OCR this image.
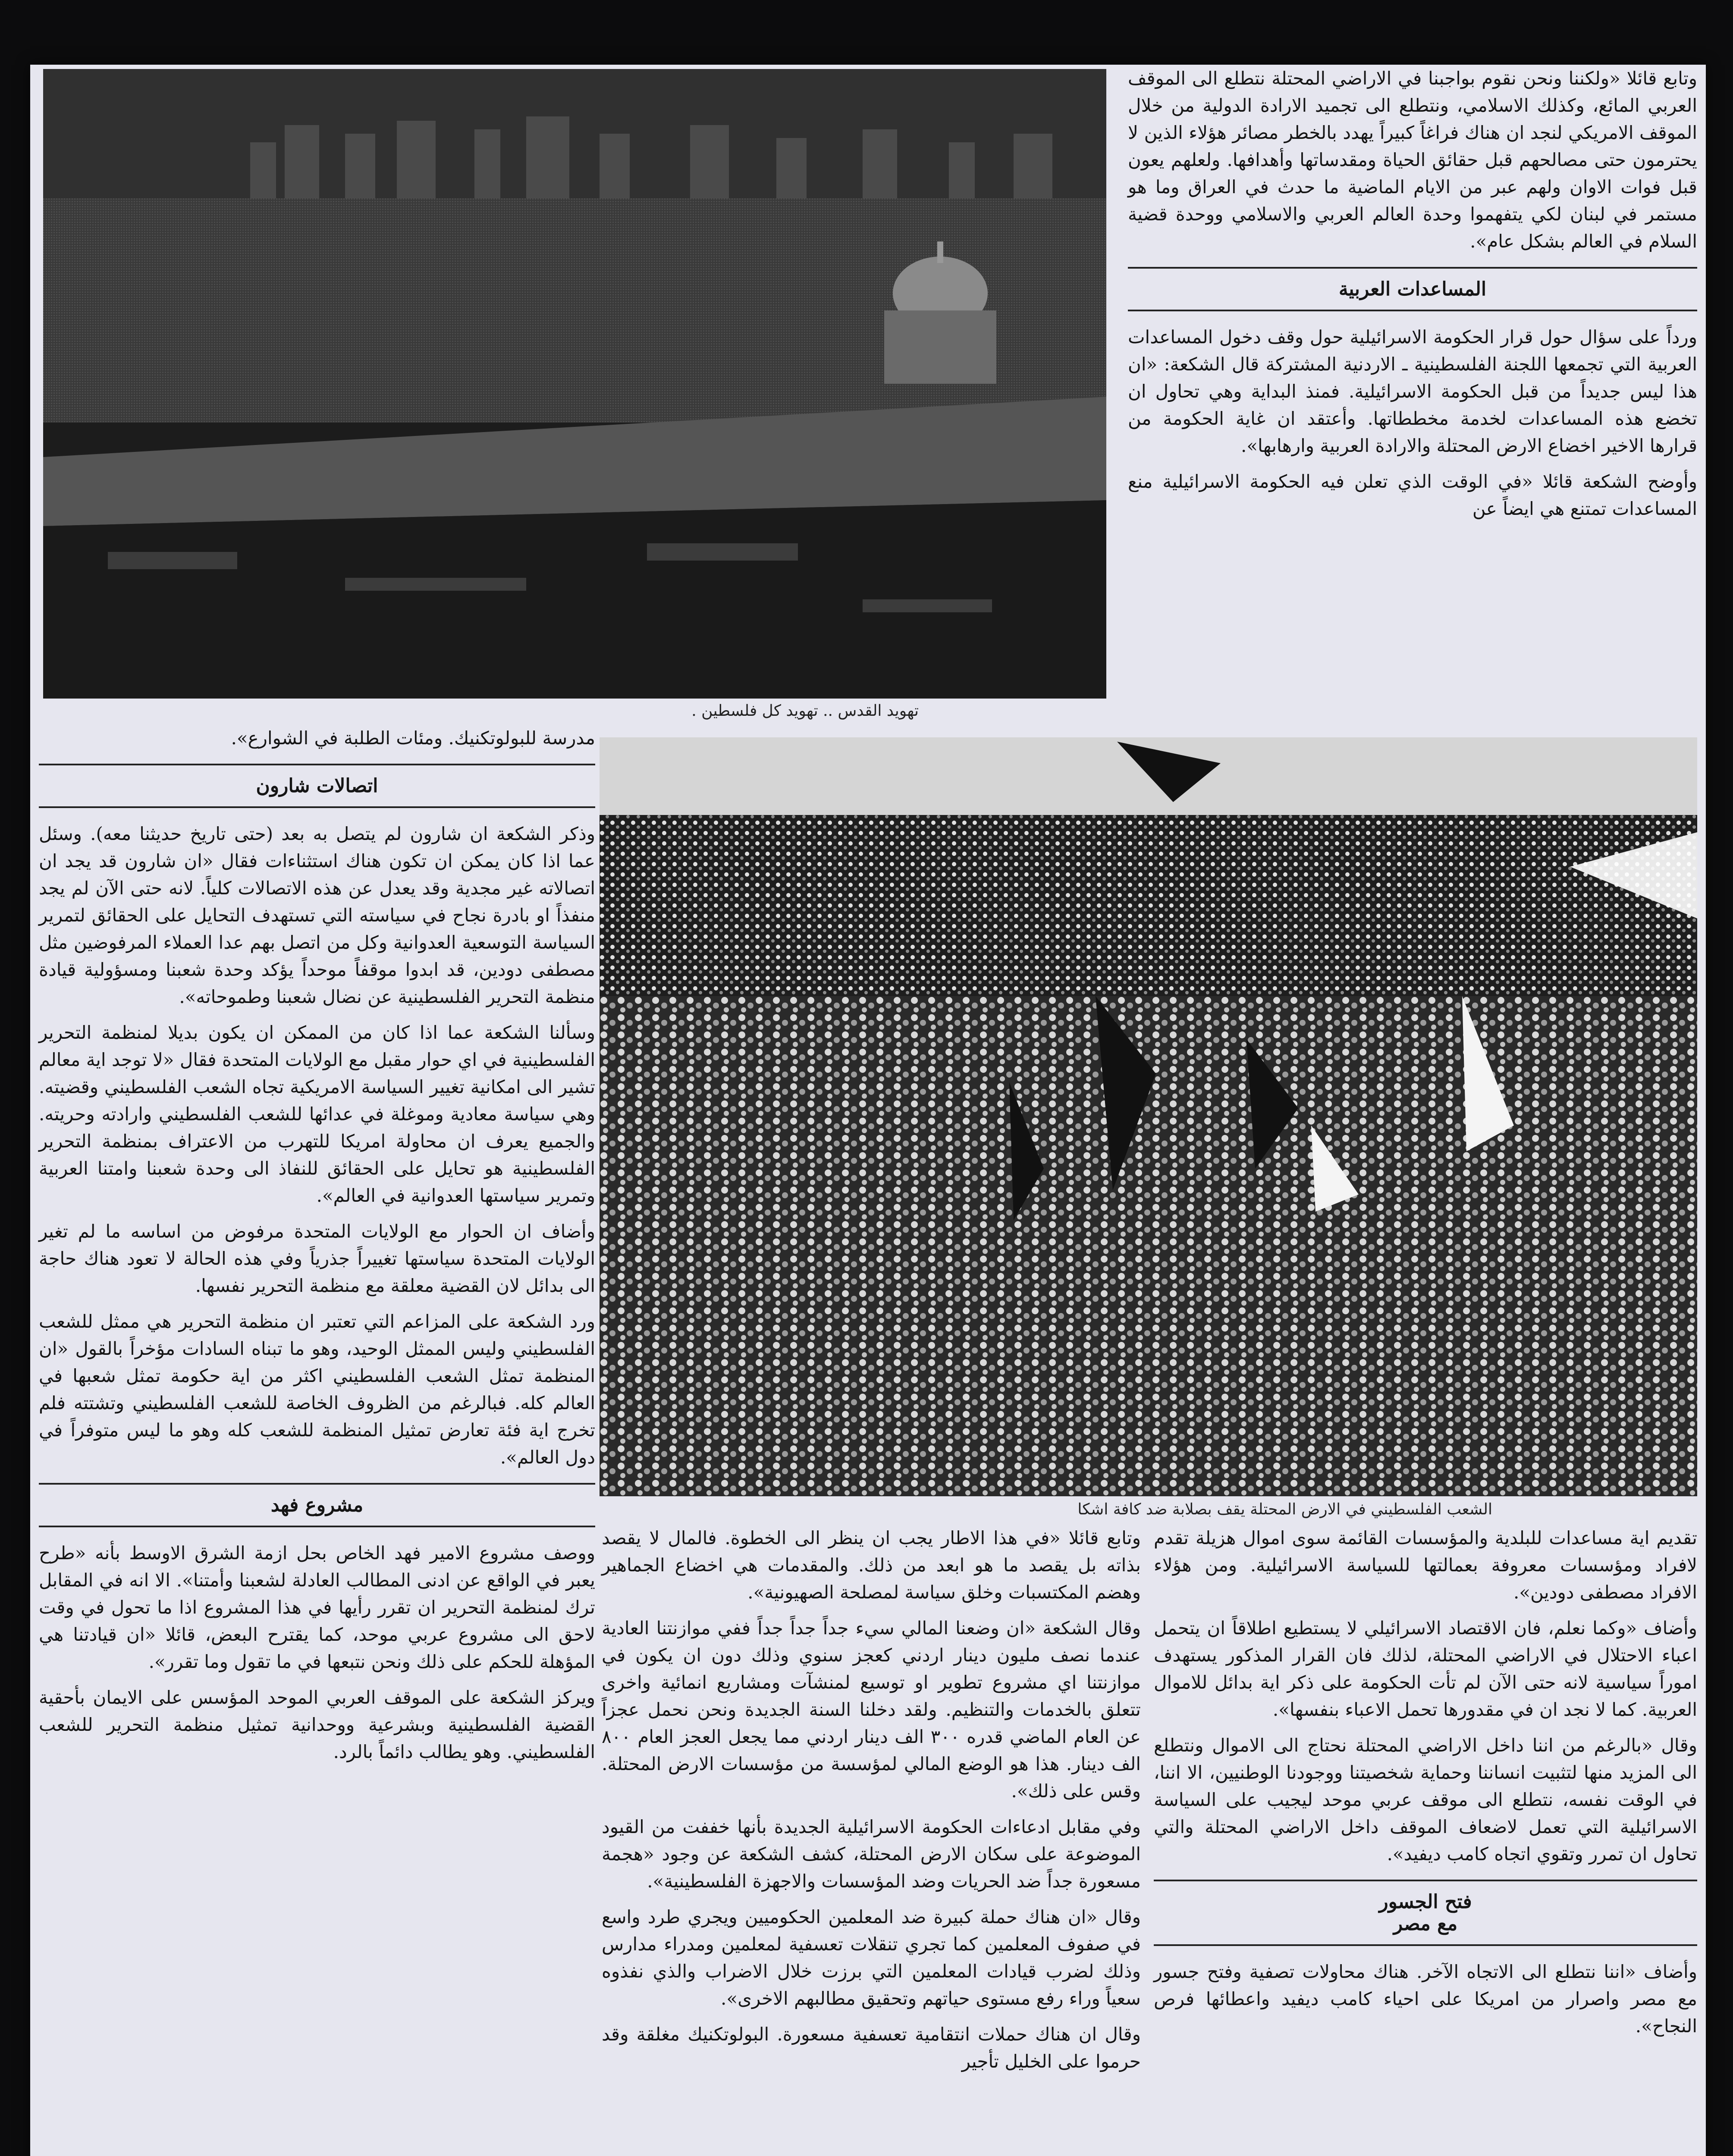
تهويد القدس .. تهويد كل فلسطين .

وتابع قائلا «ولكننا ونحن نقوم بواجبنا في الاراضي المحتلة نتطلع الى الموقف العربي المائع، وكذلك الاسلامي، ونتطلع الى تجميد الارادة الدولية من خلال الموقف الامريكي لنجد ان هناك فراغاً كبيراً يهدد بالخطر مصائر هؤلاء الذين لا يحترمون حتى مصالحهم قبل حقائق الحياة ومقدساتها وأهدافها. ولعلهم يعون قبل فوات الاوان ولهم عبر من الايام الماضية ما حدث في العراق وما هو مستمر في لبنان لكي يتفهموا وحدة العالم العربي والاسلامي ووحدة قضية السلام في العالم بشكل عام».

المساعدات العربية

ورداً على سؤال حول قرار الحكومة الاسرائيلية حول وقف دخول المساعدات العربية التي تجمعها اللجنة الفلسطينية ـ الاردنية المشتركة قال الشكعة: «ان هذا ليس جديداً من قبل الحكومة الاسرائيلية. فمنذ البداية وهي تحاول ان تخضع هذه المساعدات لخدمة مخططاتها. وأعتقد ان غاية الحكومة من قرارها الاخير اخضاع الارض المحتلة والارادة العربية وارهابها».

وأوضح الشكعة قائلا «في الوقت الذي تعلن فيه الحكومة الاسرائيلية منع المساعدات تمتنع هي ايضاً عن

مدرسة للبولوتكنيك. ومئات الطلبة في الشوارع».

اتصالات شارون

وذكر الشكعة ان شارون لم يتصل به بعد (حتى تاريخ حديثنا معه). وسئل عما اذا كان يمكن ان تكون هناك استثناءات فقال «ان شارون قد يجد ان اتصالاته غير مجدية وقد يعدل عن هذه الاتصالات كلياً. لانه حتى الآن لم يجد منفذاً او بادرة نجاح في سياسته التي تستهدف التحايل على الحقائق لتمرير السياسة التوسعية العدوانية وكل من اتصل بهم عدا العملاء المرفوضين مثل مصطفى دودين، قد ابدوا موقفاً موحداً يؤكد وحدة شعبنا ومسؤولية قيادة منظمة التحرير الفلسطينية عن نضال شعبنا وطموحاته».

وسألنا الشكعة عما اذا كان من الممكن ان يكون بديلا لمنظمة التحرير الفلسطينية في اي حوار مقبل مع الولايات المتحدة فقال «لا توجد اية معالم تشير الى امكانية تغيير السياسة الامريكية تجاه الشعب الفلسطيني وقضيته. وهي سياسة معادية وموغلة في عدائها للشعب الفلسطيني وارادته وحريته. والجميع يعرف ان محاولة امريكا للتهرب من الاعتراف بمنظمة التحرير الفلسطينية هو تحايل على الحقائق للنفاذ الى وحدة شعبنا وامتنا العربية وتمرير سياستها العدوانية في العالم».

وأضاف ان الحوار مع الولايات المتحدة مرفوض من اساسه ما لم تغير الولايات المتحدة سياستها تغييراً جذرياً وفي هذه الحالة لا تعود هناك حاجة الى بدائل لان القضية معلقة مع منظمة التحرير نفسها.

ورد الشكعة على المزاعم التي تعتبر ان منظمة التحرير هي ممثل للشعب الفلسطيني وليس الممثل الوحيد، وهو ما تبناه السادات مؤخراً بالقول «ان المنظمة تمثل الشعب الفلسطيني اكثر من اية حكومة تمثل شعبها في العالم كله. فبالرغم من الظروف الخاصة للشعب الفلسطيني وتشتته فلم تخرج اية فئة تعارض تمثيل المنظمة للشعب كله وهو ما ليس متوفراً في دول العالم».

مشروع فهد

ووصف مشروع الامير فهد الخاص بحل ازمة الشرق الاوسط بأنه «طرح يعبر في الواقع عن ادنى المطالب العادلة لشعبنا وأمتنا». الا انه في المقابل ترك لمنظمة التحرير ان تقرر رأيها في هذا المشروع اذا ما تحول في وقت لاحق الى مشروع عربي موحد، كما يقترح البعض، قائلا «ان قيادتنا هي المؤهلة للحكم على ذلك ونحن نتبعها في ما تقول وما تقرر».

ويركز الشكعة على الموقف العربي الموحد المؤسس على الايمان بأحقية القضية الفلسطينية وبشرعية ووحدانية تمثيل منظمة التحرير للشعب الفلسطيني. وهو يطالب دائماً بالرد.

الشعب الفلسطيني في الارض المحتلة يقف بصلابة ضد كافة اشكا

وتابع قائلا «في هذا الاطار يجب ان ينظر الى الخطوة. فالمال لا يقصد بذاته بل يقصد ما هو ابعد من ذلك. والمقدمات هي اخضاع الجماهير وهضم المكتسبات وخلق سياسة لمصلحة الصهيونية».

وقال الشكعة «ان وضعنا المالي سيء جداً جداً جداً ففي موازنتنا العادية عندما نصف مليون دينار اردني كعجز سنوي وذلك دون ان يكون في موازنتنا اي مشروع تطوير او توسيع لمنشآت ومشاريع انمائية واخرى تتعلق بالخدمات والتنظيم. ولقد دخلنا السنة الجديدة ونحن نحمل عجزاً عن العام الماضي قدره ٣٠٠ الف دينار اردني مما يجعل العجز العام ٨٠٠ الف دينار. هذا هو الوضع المالي لمؤسسة من مؤسسات الارض المحتلة. وقس على ذلك».

وفي مقابل ادعاءات الحكومة الاسرائيلية الجديدة بأنها خففت من القيود الموضوعة على سكان الارض المحتلة، كشف الشكعة عن وجود «هجمة مسعورة جداً ضد الحريات وضد المؤسسات والاجهزة الفلسطينية».

وقال «ان هناك حملة كبيرة ضد المعلمين الحكوميين ويجري طرد واسع في صفوف المعلمين كما تجري تنقلات تعسفية لمعلمين ومدراء مدارس وذلك لضرب قيادات المعلمين التي برزت خلال الاضراب والذي نفذوه سعياً وراء رفع مستوى حياتهم وتحقيق مطالبهم الاخرى».

وقال ان هناك حملات انتقامية تعسفية مسعورة. البولوتكنيك مغلقة وقد حرموا على الخليل تأجير

تقديم اية مساعدات للبلدية والمؤسسات القائمة سوى اموال هزيلة تقدم لافراد ومؤسسات معروفة بعمالتها للسياسة الاسرائيلية. ومن هؤلاء الافراد مصطفى دودين».

وأضاف «وكما نعلم، فان الاقتصاد الاسرائيلي لا يستطيع اطلاقاً ان يتحمل اعباء الاحتلال في الاراضي المحتلة، لذلك فان القرار المذكور يستهدف اموراً سياسية لانه حتى الآن لم تأت الحكومة على ذكر اية بدائل للاموال العربية. كما لا نجد ان في مقدورها تحمل الاعباء بنفسها».

وقال «بالرغم من اننا داخل الاراضي المحتلة نحتاج الى الاموال ونتطلع الى المزيد منها لتثبيت انساننا وحماية شخصيتنا ووجودنا الوطنيين، الا اننا، في الوقت نفسه، نتطلع الى موقف عربي موحد ليجيب على السياسة الاسرائيلية التي تعمل لاضعاف الموقف داخل الاراضي المحتلة والتي تحاول ان تمرر وتقوي اتجاه كامب ديفيد».

فتح الجسور
مع مصر

وأضاف «اننا نتطلع الى الاتجاه الآخر. هناك محاولات تصفية وفتح جسور مع مصر واصرار من امريكا على احياء كامب ديفيد واعطائها فرص النجاح».
